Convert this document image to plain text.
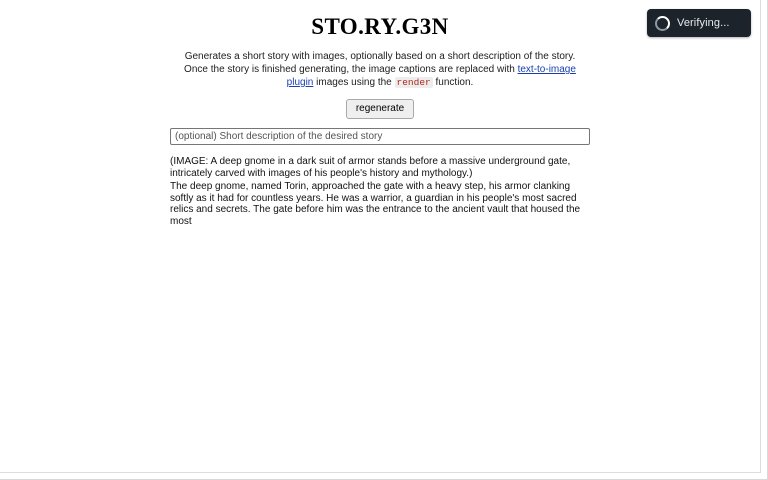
Verifying...
STO.RY.G3N
Generates a short story with images, optionally based on a short description of the story. Once the story is finished generating, the image captions are replaced with text-to-image plugin images using the render function.
regenerate
(optional) Short description of the desired story

(IMAGE: A deep gnome in a dark suit of armor stands before a massive underground gate, intricately carved with images of his people's history and mythology.)

The deep gnome, named Torin, approached the gate with a heavy step, his armor clanking softly as it had for countless years. He was a warrior, a guardian in his people's most sacred relics and secrets. The gate before him was the entrance to the ancient vault that housed the most
